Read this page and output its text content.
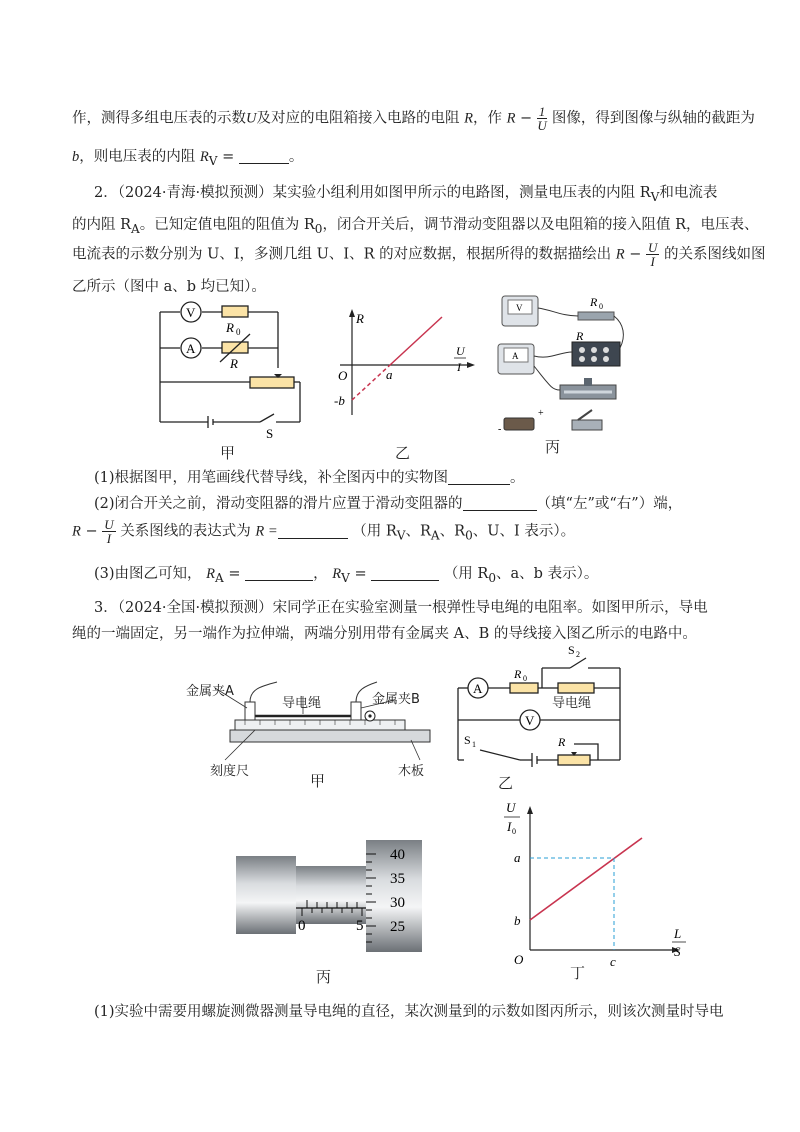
作，测得多组电压表的示数U及对应的电阻箱接入电路的电阻 R，作 $R - \frac{1}{U}$ 图像，得到图像与纵轴的截距为
b，则电压表的内阻 $R_V$ =	。
2．（2024·青海·模拟预测）某实验小组利用如图甲所示的电路图，测量电压表的内阻 $R_V$和电流表
的内阻 $R_A$。已知定值电阻的阻值为 $R_0$，闭合开关后，调节滑动变阻器以及电阻箱的接入阻值 R，电压表、
电流表的示数分别为 U、I，多测几组 U、I、R 的对应数据，根据所得的数据描绘出 $R - \frac{U}{I}$ 的关系图线如图
乙所示（图中 a、b 均已知）。
V
A
R 0
R
S
甲
R
U
I
O	a
-b
乙
V
A
R 0
R
-
+
丙
(1)根据图甲，用笔画线代替导线，补全图丙中的实物图	。
(2)闭合开关之前，滑动变阻器的滑片应置于滑动变阻器的	（填“左”或“右”）端，
$R - \frac{U}{I}$ 关系图线的表达式为 R =	（用 $R_V$、$R_A$、$R_0$、U、I 表示）。
(3)由图乙可知， $R_A$ =	， $R_V$ =	（用 $R_0$、a、b 表示）。
3．（2024·全国·模拟预测）宋同学正在实验室测量一根弹性导电绳的电阻率。如图甲所示，导电
绳的一端固定，另一端作为拉伸端，两端分别用带有金属夹 A、B 的导线接入图乙所示的电路中。
金属夹A
导电绳	金属夹B
刻度尺	木板
甲
A
V
R 0
S 2
S 1	R
导电绳
乙
0	5
40
35
30
25
丙
U
I 0
L
S
a
b
c
O
丁
(1)实验中需要用螺旋测微器测量导电绳的直径，某次测量到的示数如图丙所示，则该次测量时导电
